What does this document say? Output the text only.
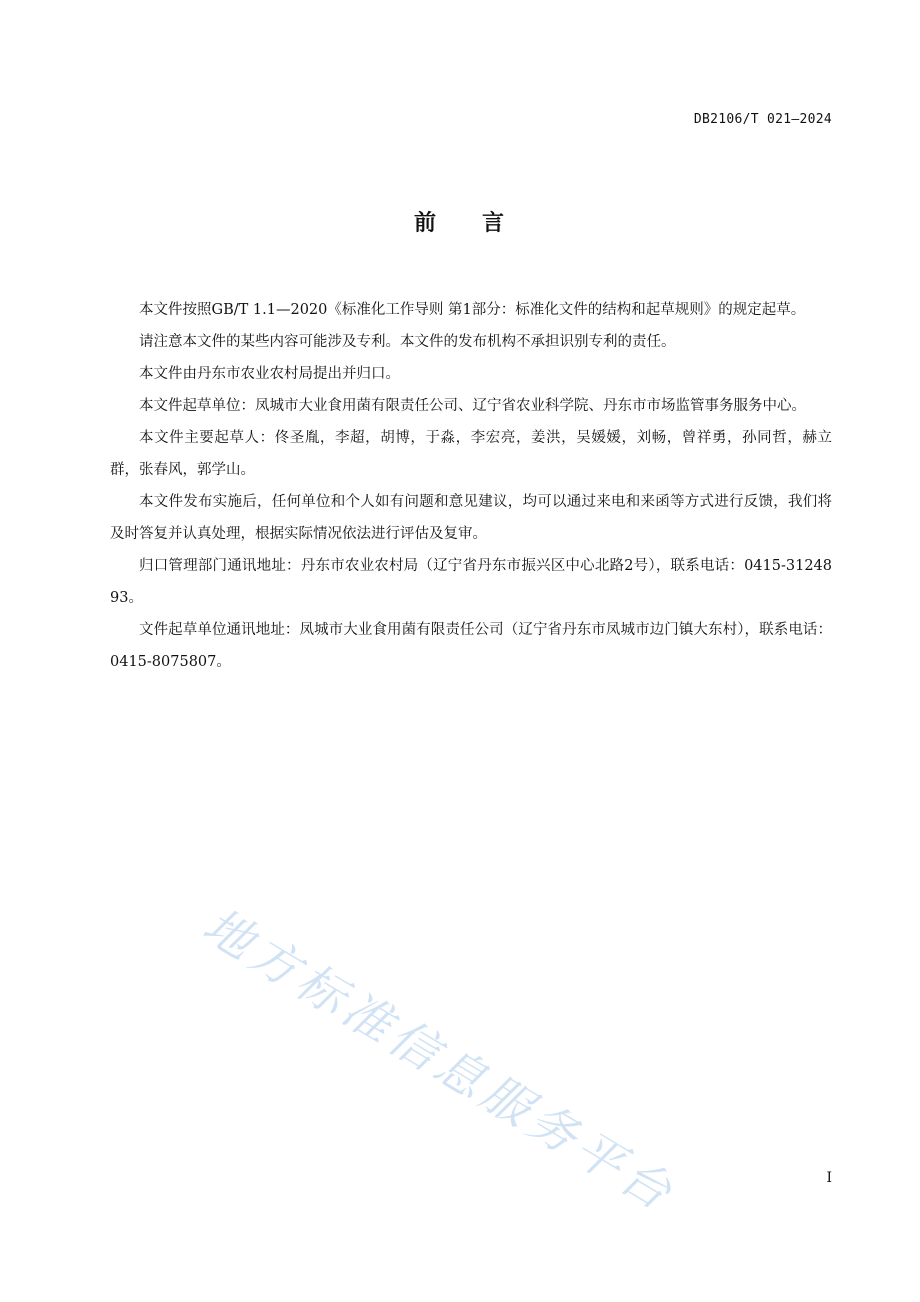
DB2106/T 021—2024
前 言

本文件按照GB/T 1.1—2020《标准化工作导则 第1部分：标准化文件的结构和起草规则》的规定起草。

请注意本文件的某些内容可能涉及专利。本文件的发布机构不承担识别专利的责任。

本文件由丹东市农业农村局提出并归口。

本文件起草单位：凤城市大业食用菌有限责任公司、辽宁省农业科学院、丹东市市场监管事务服务中心。

本文件主要起草人：佟圣胤，李超，胡博，于淼，李宏亮，姜洪，吴媛媛，刘畅，曾祥勇，孙同哲，赫立群，张春风，郭学山。

本文件发布实施后，任何单位和个人如有问题和意见建议，均可以通过来电和来函等方式进行反馈，我们将及时答复并认真处理，根据实际情况依法进行评估及复审。

归口管理部门通讯地址：丹东市农业农村局（辽宁省丹东市振兴区中心北路2号），联系电话：0415-3124893。

文件起草单位通讯地址：凤城市大业食用菌有限责任公司（辽宁省丹东市凤城市边门镇大东村），联系电话：0415-8075807。

地方标准信息服务平台	I
